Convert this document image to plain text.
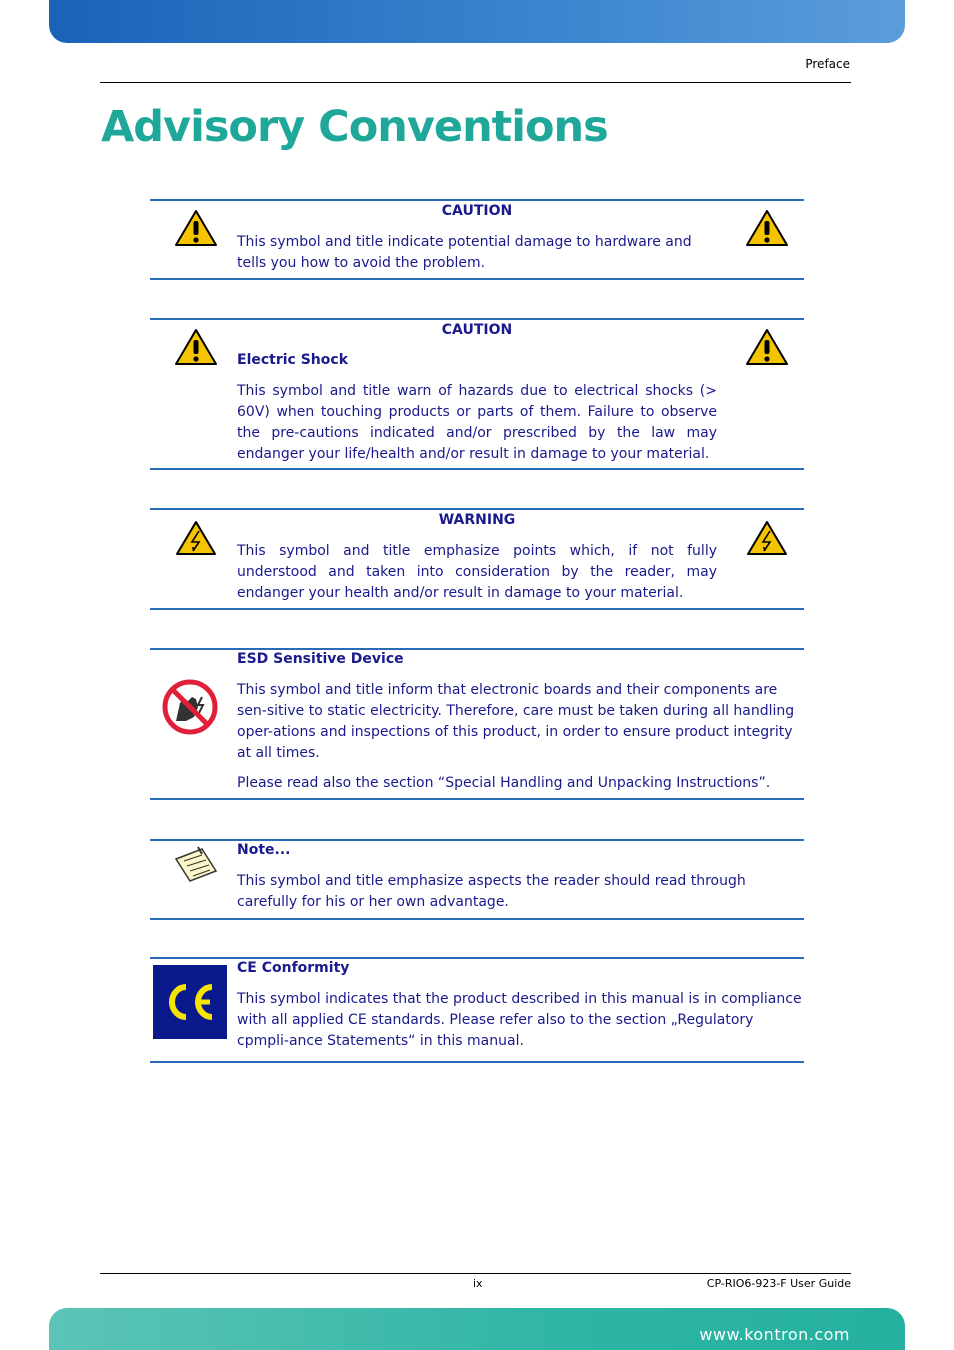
Preface
Advisory Conventions
CAUTION
This symbol and title indicate potential damage to hardware and tells you how to avoid the problem.
CAUTION
Electric Shock
This symbol and title warn of hazards due to electrical shocks (> 60V) when touching products or parts of them. Failure to observe the pre-cautions indicated and/or prescribed by the law may endanger your life/health and/or result in damage to your material.
WARNING
This symbol and title emphasize points which, if not fully understood and taken into consideration by the reader, may endanger your health and/or result in damage to your material.
ESD Sensitive Device
This symbol and title inform that electronic boards and their components are sen-sitive to static electricity. Therefore, care must be taken during all handling oper-ations and inspections of this product, in order to ensure product integrity at all times.
Please read also the section “Special Handling and Unpacking Instructions”.
Note...
This symbol and title emphasize aspects the reader should read through carefully for his or her own advantage.
CE Conformity
This symbol indicates that the product described in this manual is in compliance with all applied CE standards. Please refer also to the section „Regulatory cpmpli-ance Statements“ in this manual.
ix	CP-RIO6-923-F User Guide
www.kontron.com
